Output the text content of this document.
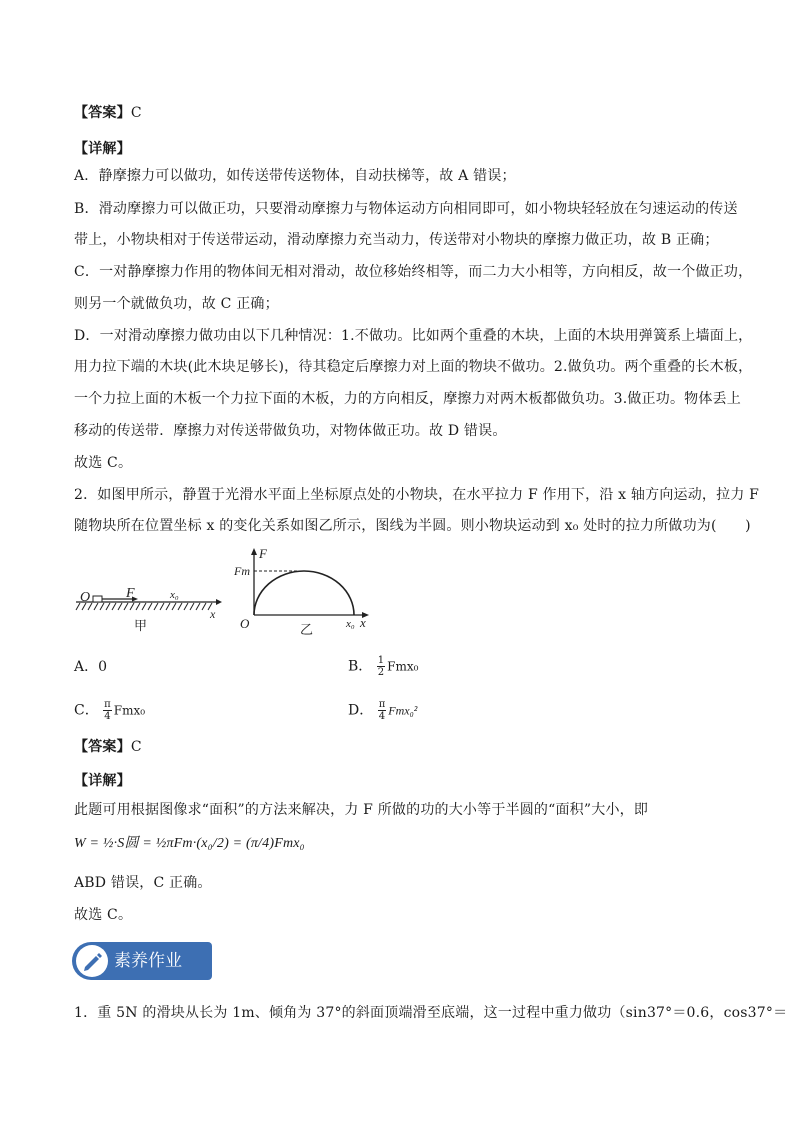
【答案】C
【详解】
A．静摩擦力可以做功，如传送带传送物体，自动扶梯等，故 A 错误；
B．滑动摩擦力可以做正功，只要滑动摩擦力与物体运动方向相同即可，如小物块轻轻放在匀速运动的传送
带上，小物块相对于传送带运动，滑动摩擦力充当动力，传送带对小物块的摩擦力做正功，故 B 正确；
C．一对静摩擦力作用的物体间无相对滑动，故位移始终相等，而二力大小相等，方向相反，故一个做正功，
则另一个就做负功，故 C 正确；
D．一对滑动摩擦力做功由以下几种情况：1.不做功。比如两个重叠的木块，上面的木块用弹簧系上墙面上，
用力拉下端的木块(此木块足够长)，待其稳定后摩擦力对上面的物块不做功。2.做负功。两个重叠的长木板，
一个力拉上面的木板一个力拉下面的木板，力的方向相反，摩擦力对两木板都做负功。3.做正功。物体丢上
移动的传送带．摩擦力对传送带做负功，对物体做正功。故 D 错误。
故选 C。
2．如图甲所示，静置于光滑水平面上坐标原点处的小物块，在水平拉力 F 作用下，沿 x 轴方向运动，拉力 F
随物块所在位置坐标 x 的变化关系如图乙所示，图线为半圆。则小物块运动到 x₀ 处时的拉力所做功为(　　)
O	F	x₀
x
甲
F
Fm
O	x₀ x
乙
A．0	B． $\frac{1}{2} Fmx_0$
C． $\frac{\pi}{4} Fmx_0$	D． $\frac{\pi}{4} Fmx_0^2$
【答案】C
【详解】
此题可用根据图像求“面积”的方法来解决，力 F 所做的功的大小等于半圆的“面积”大小，即
W = ½·S圆 = ½πFm·(x₀/2) = (π/4)Fmx₀
ABD 错误，C 正确。
故选 C。
素养作业
1．重 5N 的滑块从长为 1m、倾角为 37°的斜面顶端滑至底端，这一过程中重力做功（sin37°＝0.6，cos37°＝
